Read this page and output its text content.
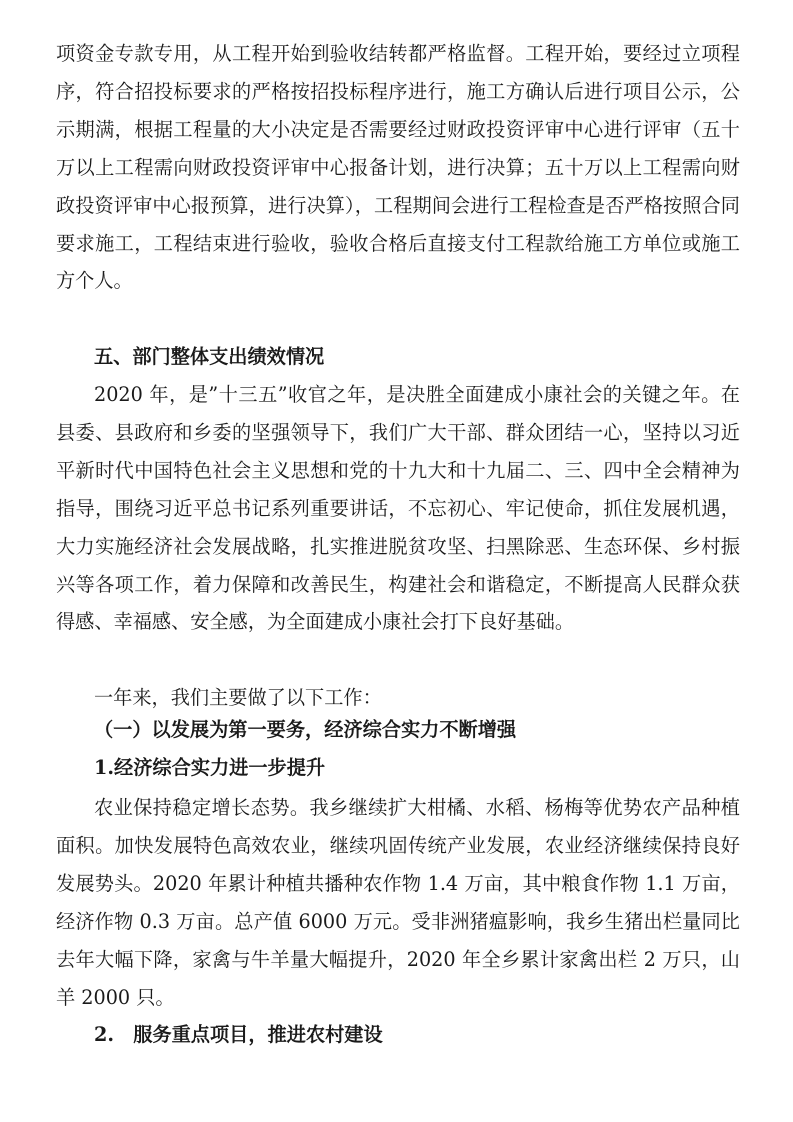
项资金专款专用，从工程开始到验收结转都严格监督。工程开始，要经过立项程序，符合招投标要求的严格按招投标程序进行，施工方确认后进行项目公示，公示期满，根据工程量的大小决定是否需要经过财政投资评审中心进行评审（五十万以上工程需向财政投资评审中心报备计划，进行决算；五十万以上工程需向财政投资评审中心报预算，进行决算），工程期间会进行工程检查是否严格按照合同要求施工，工程结束进行验收，验收合格后直接支付工程款给施工方单位或施工方个人。

五、部门整体支出绩效情况

2020 年，是”十三五”收官之年，是决胜全面建成小康社会的关键之年。在县委、县政府和乡委的坚强领导下，我们广大干部、群众团结一心，坚持以习近平新时代中国特色社会主义思想和党的十九大和十九届二、三、四中全会精神为指导，围绕习近平总书记系列重要讲话，不忘初心、牢记使命，抓住发展机遇，大力实施经济社会发展战略，扎实推进脱贫攻坚、扫黑除恶、生态环保、乡村振兴等各项工作，着力保障和改善民生，构建社会和谐稳定，不断提高人民群众获得感、幸福感、安全感，为全面建成小康社会打下良好基础。

一年来，我们主要做了以下工作：

（一）以发展为第一要务，经济综合实力不断增强

1.经济综合实力进一步提升

农业保持稳定增长态势。我乡继续扩大柑橘、水稻、杨梅等优势农产品种植面积。加快发展特色高效农业，继续巩固传统产业发展，农业经济继续保持良好发展势头。2020 年累计种植共播种农作物 1.4 万亩，其中粮食作物 1.1 万亩，经济作物 0.3 万亩。总产值 6000 万元。受非洲猪瘟影响，我乡生猪出栏量同比去年大幅下降，家禽与牛羊量大幅提升，2020 年全乡累计家禽出栏 2 万只，山羊 2000 只。

2.　服务重点项目，推进农村建设
